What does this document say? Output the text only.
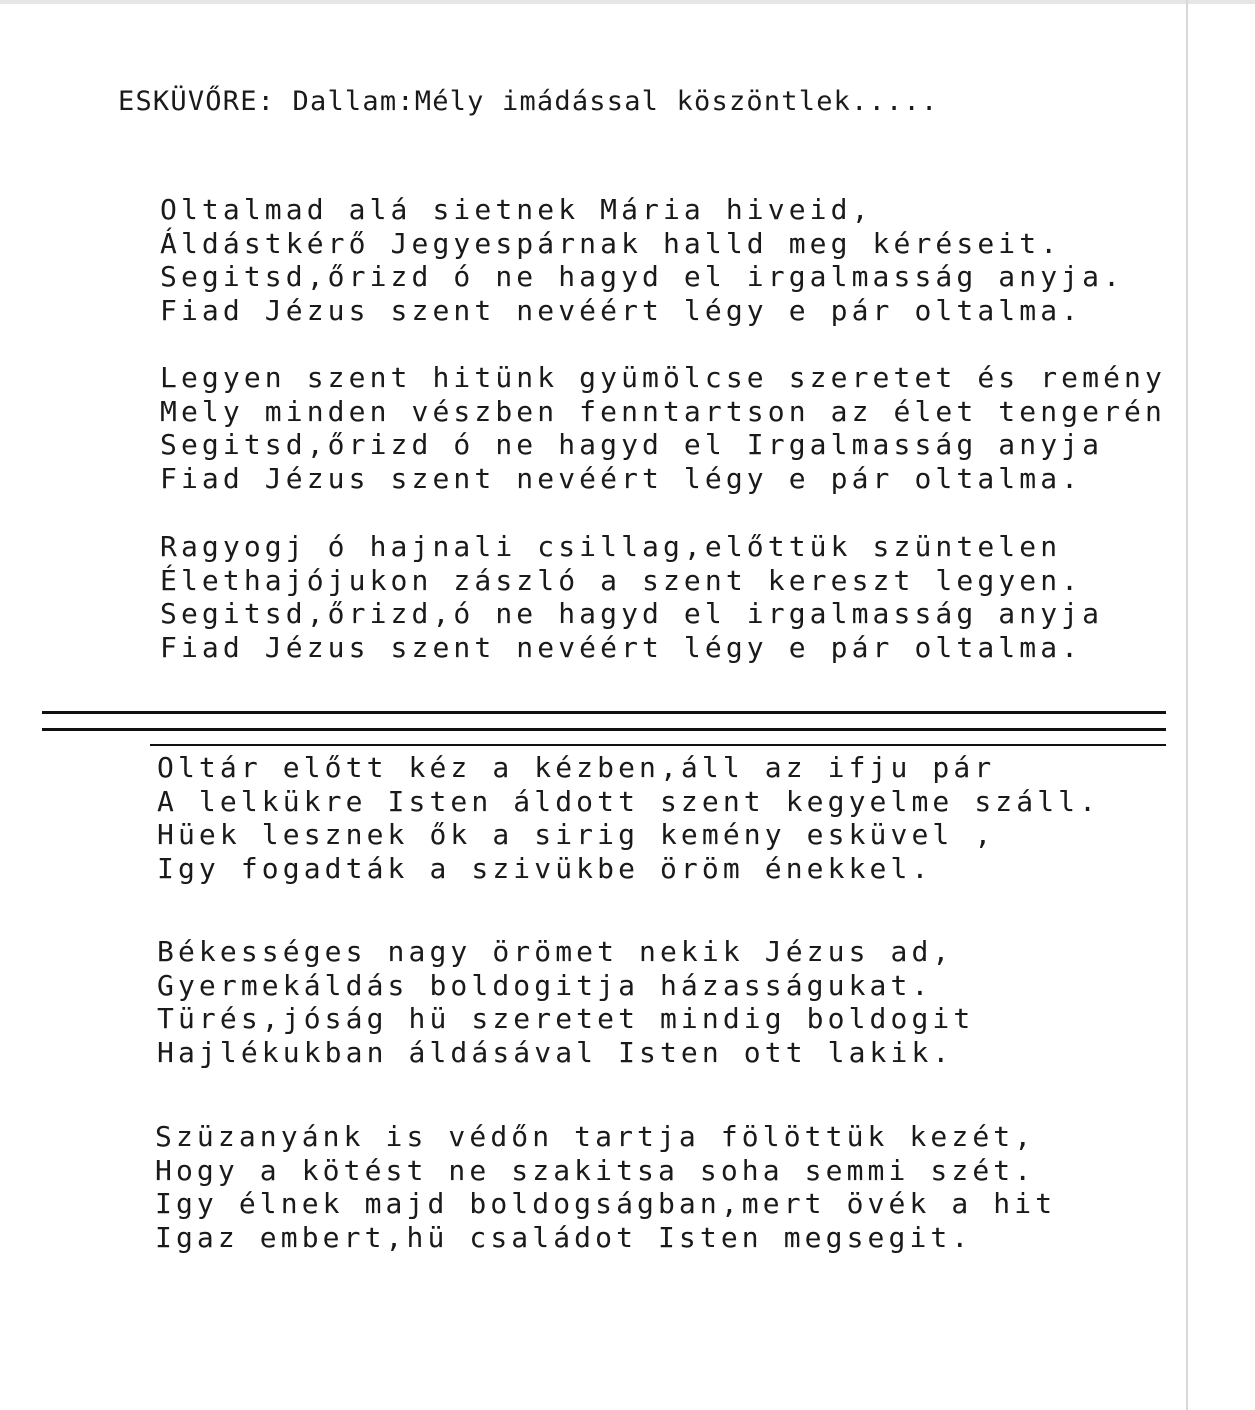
ESKÜVŐRE: Dallam:Mély imádással köszöntlek.....
Oltalmad alá sietnek Mária hiveid,
Áldástkérő Jegyespárnak halld meg kéréseit.
Segitsd,őrizd ó ne hagyd el irgalmasság anyja.
Fiad Jézus szent nevéért légy e pár oltalma.
Legyen szent hitünk gyümölcse szeretet és remény
Mely minden vészben fenntartson az élet tengerén
Segitsd,őrizd ó ne hagyd el Irgalmasság anyja
Fiad Jézus szent nevéért légy e pár oltalma.
Ragyogj ó hajnali csillag,előttük szüntelen
Élethajójukon zászló a szent kereszt legyen.
Segitsd,őrizd,ó ne hagyd el irgalmasság anyja
Fiad Jézus szent nevéért légy e pár oltalma.
Oltár előtt kéz a kézben,áll az ifju pár
A lelkükre Isten áldott szent kegyelme száll.
Hüek lesznek ők a sirig kemény esküvel ,
Igy fogadták a szivükbe öröm énekkel.
Békességes nagy örömet nekik Jézus ad,
Gyermekáldás boldogitja házasságukat.
Türés,jóság hü szeretet mindig boldogit
Hajlékukban áldásával Isten ott lakik.
Szüzanyánk is védőn tartja fölöttük kezét,
Hogy a kötést ne szakitsa soha semmi szét.
Igy élnek majd boldogságban,mert övék a hit
Igaz embert,hü családot Isten megsegit.
